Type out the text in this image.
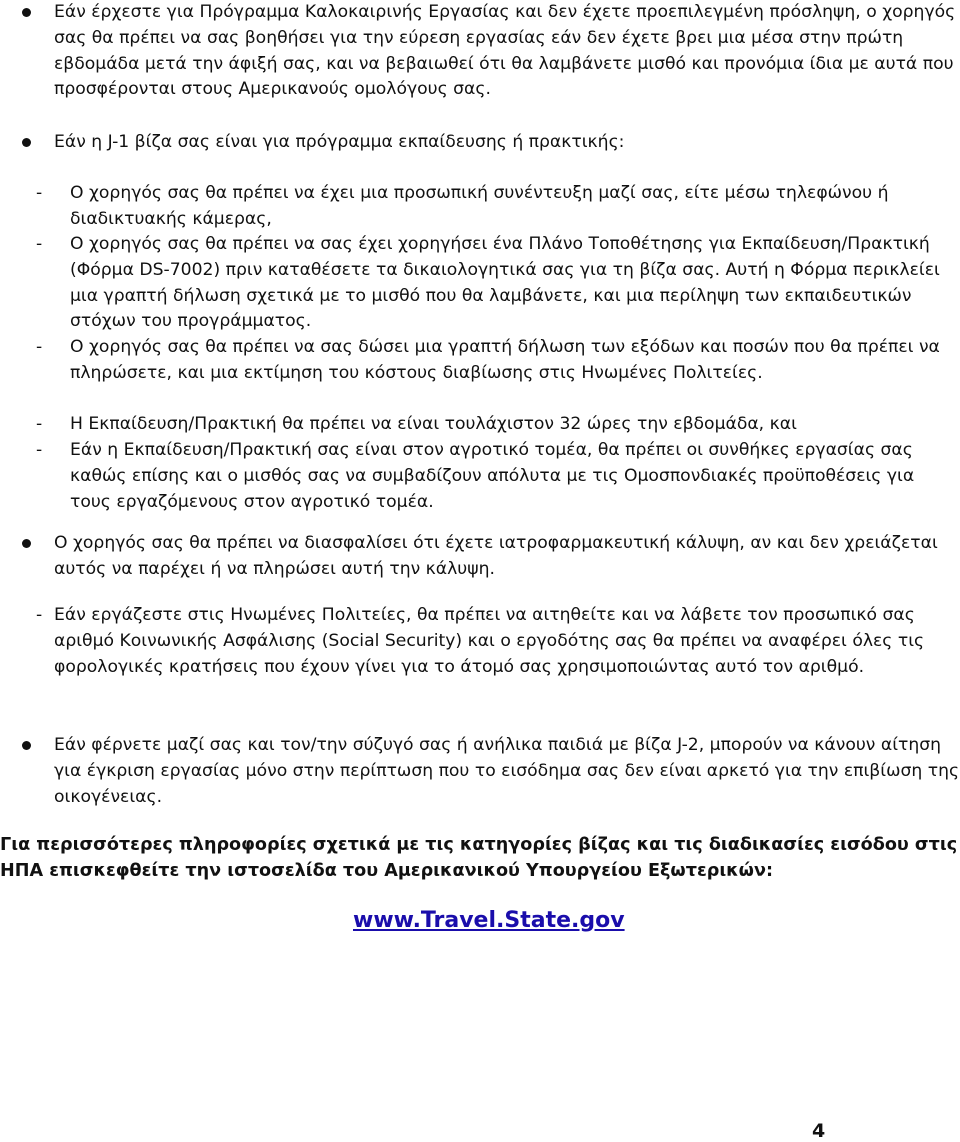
Εάν έρχεστε για Πρόγραμμα Καλοκαιρινής Εργασίας και δεν έχετε προεπιλεγμένη πρόσληψη, ο χορηγός σας θα πρέπει να σας βοηθήσει για την εύρεση εργασίας εάν δεν έχετε βρει μια μέσα στην πρώτη εβδομάδα μετά την άφιξή σας, και να βεβαιωθεί ότι θα λαμβάνετε μισθό και προνόμια ίδια με αυτά που προσφέρονται στους Αμερικανούς ομολόγους σας.
Εάν η J-1 βίζα σας είναι για πρόγραμμα εκπαίδευσης ή πρακτικής:
- Ο χορηγός σας θα πρέπει να έχει μια προσωπική συνέντευξη μαζί σας, είτε μέσω τηλεφώνου ή διαδικτυακής κάμερας,
- Ο χορηγός σας θα πρέπει να σας έχει χορηγήσει ένα Πλάνο Τοποθέτησης για Εκπαίδευση/Πρακτική (Φόρμα DS-7002) πριν καταθέσετε τα δικαιολογητικά σας για τη βίζα σας. Αυτή η Φόρμα περικλείει μια γραπτή δήλωση σχετικά με το μισθό που θα λαμβάνετε, και μια περίληψη των εκπαιδευτικών στόχων του προγράμματος.
- Ο χορηγός σας θα πρέπει να σας δώσει μια γραπτή δήλωση των εξόδων και ποσών που θα πρέπει να πληρώσετε, και μια εκτίμηση του κόστους διαβίωσης στις Ηνωμένες Πολιτείες.
- Η Εκπαίδευση/Πρακτική θα πρέπει να είναι τουλάχιστον 32 ώρες την εβδομάδα, και
- Εάν η Εκπαίδευση/Πρακτική σας είναι στον αγροτικό τομέα, θα πρέπει οι συνθήκες εργασίας σας καθώς επίσης και ο μισθός σας να συμβαδίζουν απόλυτα με τις Ομοσπονδιακές προϋποθέσεις για τους εργαζόμενους στον αγροτικό τομέα.
Ο χορηγός σας θα πρέπει να διασφαλίσει ότι έχετε ιατροφαρμακευτική κάλυψη, αν και δεν χρειάζεται αυτός να παρέχει ή να πληρώσει αυτή την κάλυψη.
- Εάν εργάζεστε στις Ηνωμένες Πολιτείες, θα πρέπει να αιτηθείτε και να λάβετε τον προσωπικό σας αριθμό Κοινωνικής Ασφάλισης (Social Security) και ο εργοδότης σας θα πρέπει να αναφέρει όλες τις φορολογικές κρατήσεις που έχουν γίνει για το άτομό σας χρησιμοποιώντας αυτό τον αριθμό.
Εάν φέρνετε μαζί σας και τον/την σύζυγό σας ή ανήλικα παιδιά με βίζα J-2, μπορούν να κάνουν αίτηση για έγκριση εργασίας μόνο στην περίπτωση που το εισόδημα σας δεν είναι αρκετό για την επιβίωση της οικογένειας.
Για περισσότερες πληροφορίες σχετικά με τις κατηγορίες βίζας και τις διαδικασίες εισόδου στις
ΗΠΑ επισκεφθείτε την ιστοσελίδα του Αμερικανικού Υπουργείου Εξωτερικών:
www.Travel.State.gov
4
